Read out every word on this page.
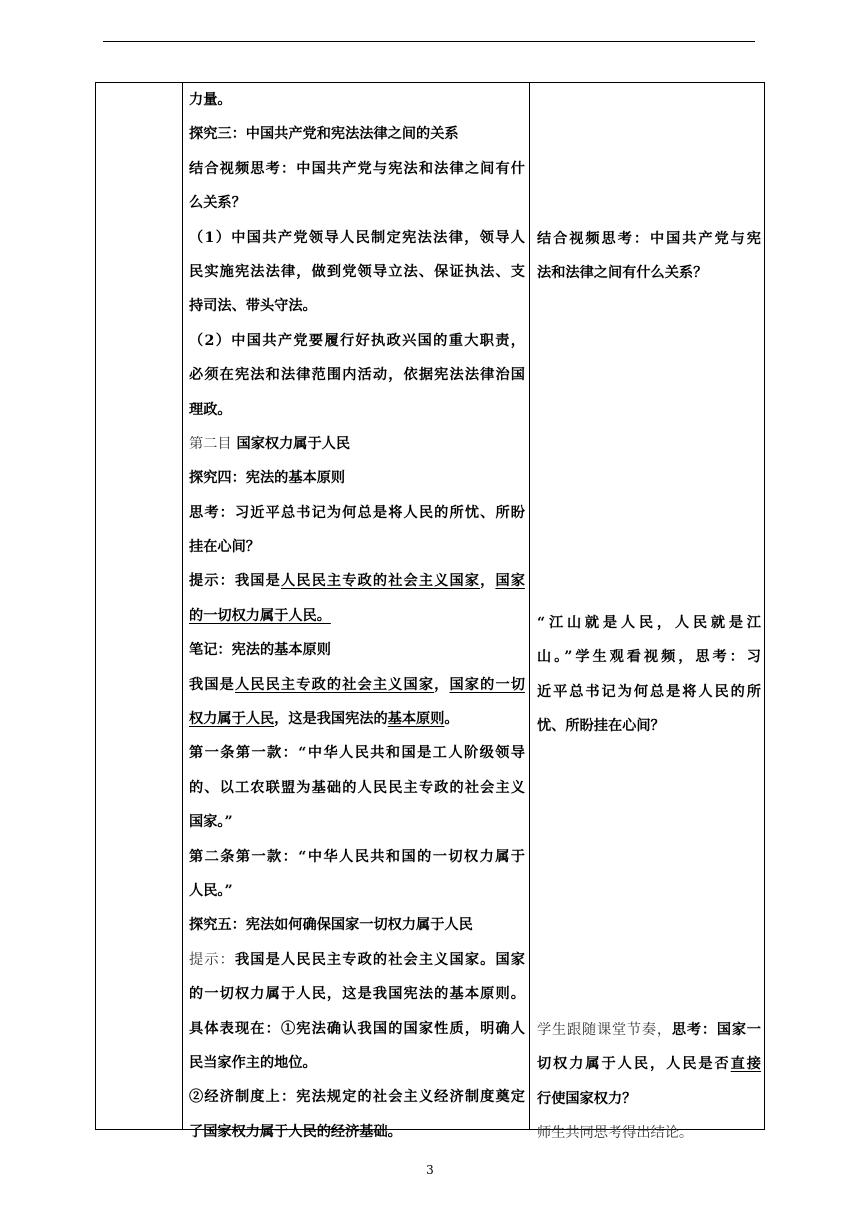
力量。
探究三：中国共产党和宪法法律之间的关系
结合视频思考：中国共产党与宪法和法律之间有什
么关系？
（1）中国共产党领导人民制定宪法法律，领导人
民实施宪法法律，做到党领导立法、保证执法、支
持司法、带头守法。
（2）中国共产党要履行好执政兴国的重大职责，
必须在宪法和法律范围内活动，依据宪法法律治国
理政。
第二目 国家权力属于人民
探究四：宪法的基本原则
思考：习近平总书记为何总是将人民的所忧、所盼
挂在心间？
提示：我国是人民民主专政的社会主义国家，国家
的一切权力属于人民。
笔记：宪法的基本原则
我国是人民民主专政的社会主义国家，国家的一切
权力属于人民，这是我国宪法的基本原则。
第一条第一款：“中华人民共和国是工人阶级领导
的、以工农联盟为基础的人民民主专政的社会主义
国家。”
第二条第一款：“中华人民共和国的一切权力属于
人民。”
探究五：宪法如何确保国家一切权力属于人民
提示：我国是人民民主专政的社会主义国家。国家
的一切权力属于人民，这是我国宪法的基本原则。
具体表现在：①宪法确认我国的国家性质，明确人
民当家作主的地位。
②经济制度上：宪法规定的社会主义经济制度奠定
了国家权力属于人民的经济基础。
结合视频思考：中国共产党与宪
法和法律之间有什么关系？
“江山就是人民，人民就是江
山。”学生观看视频，思考：习
近平总书记为何总是将人民的所
忧、所盼挂在心间？
学生跟随课堂节奏，思考：国家一
切权力属于人民，人民是否直接
行使国家权力？
师生共同思考得出结论。
3
